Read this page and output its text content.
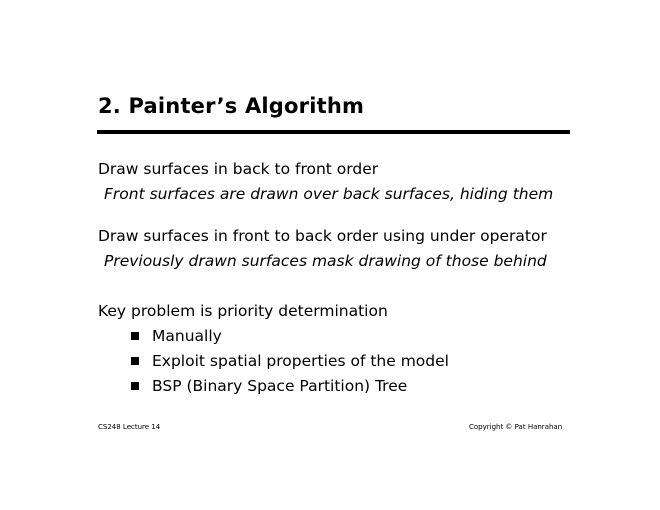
2. Painter’s Algorithm
Draw surfaces in back to front order
Front surfaces are drawn over back surfaces, hiding them
Draw surfaces in front to back order using under operator
Previously drawn surfaces mask drawing of those behind
Key problem is priority determination
Manually
Exploit spatial properties of the model
BSP (Binary Space Partition) Tree
CS248 Lecture 14	Copyright © Pat Hanrahan
